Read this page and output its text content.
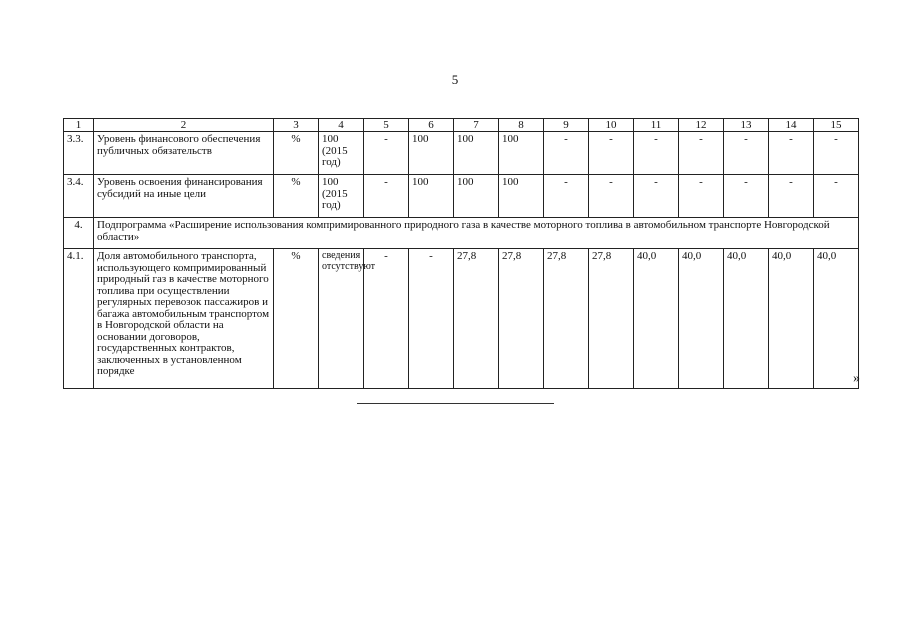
5
1	2	3	4	5	6	7	8	9	10	11	12	13	14	15
3.3.	Уровень финансового обеспечения публичных обязательств	%	100 (2015 год)	-	100	100	100	-	-	-	-	-	-	-
3.4.	Уровень освоения финансирования субсидий на иные цели	%	100 (2015 год)	-	100	100	100	-	-	-	-	-	-	-
4.	Подпрограмма «Расширение использования компримированного природного газа в качестве моторного топлива в автомобильном транспорте Новгородской области»													
4.1.	Доля автомобильного транспорта, использующего компримированный природный газ в качестве моторного топлива при осуществлении регулярных перевозок пассажиров и багажа автомобильным транспортом в Новгородской области на основании договоров, государственных контрактов, заключенных в установленном порядке	%	сведения отсутствуют	-	-	27,8	27,8	27,8	27,8	40,0	40,0	40,0	40,0	40,0
»
